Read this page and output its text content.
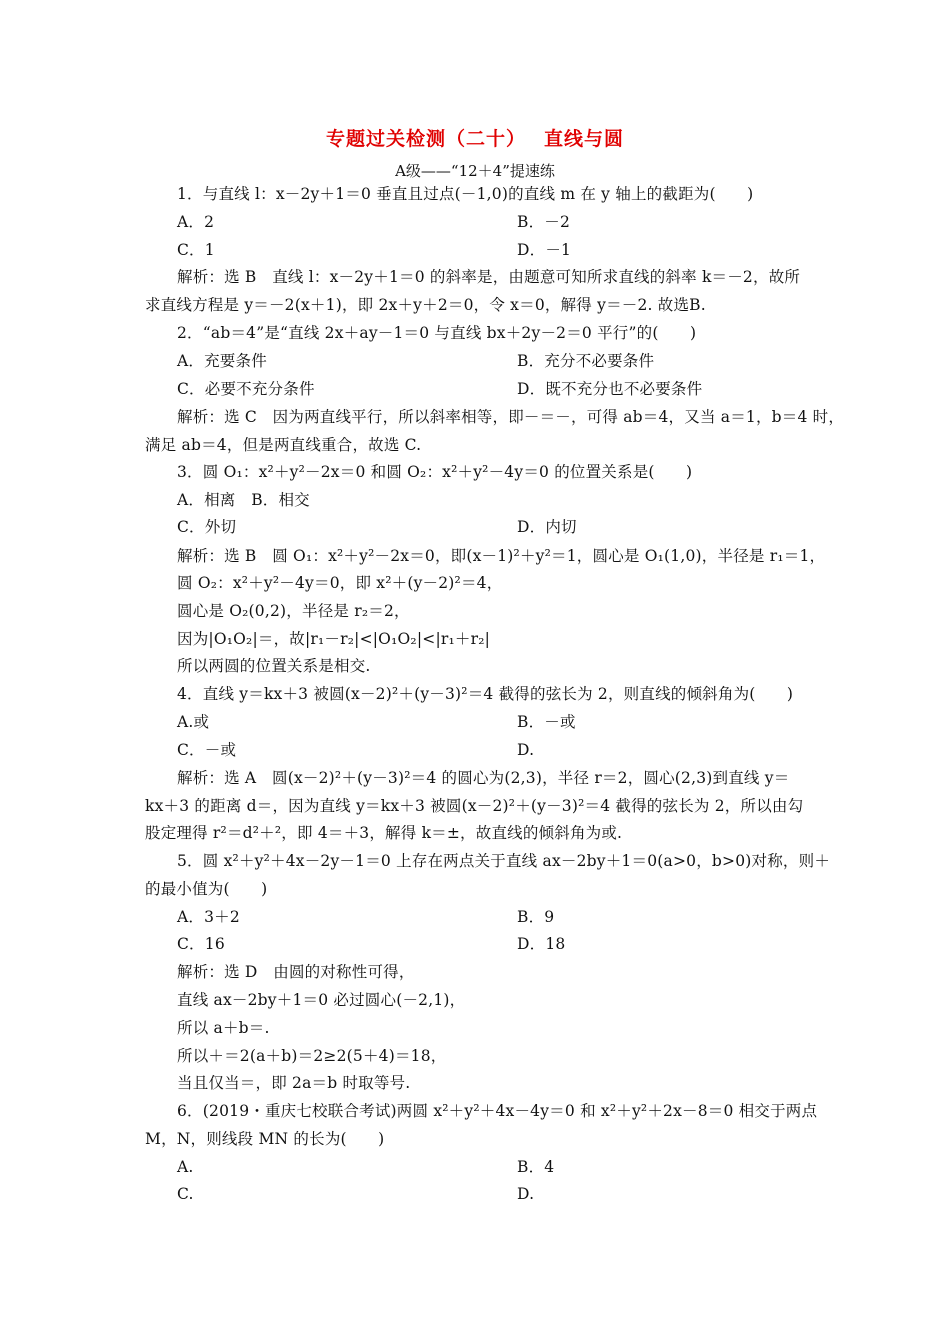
专题过关检测（二十）　 直线与圆
A级——“12＋4”提速练
1．与直线 l：x－2y＋1＝0 垂直且过点(－1,0)的直线 m 在 y 轴上的截距为(　　)
A．2	B．－2
C．1	D．－1
解析：选 B　直线 l：x－2y＋1＝0 的斜率是，由题意可知所求直线的斜率 k＝－2，故所
求直线方程是 y＝－2(x＋1)，即 2x＋y＋2＝0，令 x＝0，解得 y＝－2. 故选B.
2．“ab＝4”是“直线 2x＋ay－1＝0 与直线 bx＋2y－2＝0 平行”的(　　)
A．充要条件	B．充分不必要条件
C．必要不充分条件	D．既不充分也不必要条件
解析：选 C　因为两直线平行，所以斜率相等，即－＝－，可得 ab＝4，又当 a＝1，b＝4 时，
满足 ab＝4，但是两直线重合，故选 C.
3．圆 O₁：x²＋y²－2x＝0 和圆 O₂：x²＋y²－4y＝0 的位置关系是(　　)
A．相离　B．相交
C．外切	D．内切
解析：选 B　圆 O₁：x²＋y²－2x＝0，即(x－1)²＋y²＝1，圆心是 O₁(1,0)，半径是 r₁＝1，
圆 O₂：x²＋y²－4y＝0，即 x²＋(y－2)²＝4，
圆心是 O₂(0,2)，半径是 r₂＝2，
因为|O₁O₂|＝，故|r₁－r₂|<|O₁O₂|<|r₁＋r₂|
所以两圆的位置关系是相交.
4．直线 y＝kx＋3 被圆(x－2)²＋(y－3)²＝4 截得的弦长为 2，则直线的倾斜角为(　　)
A.或	B．－或
C．－或	D.
解析：选 A　圆(x－2)²＋(y－3)²＝4 的圆心为(2,3)，半径 r＝2，圆心(2,3)到直线 y＝
kx＋3 的距离 d＝，因为直线 y＝kx＋3 被圆(x－2)²＋(y－3)²＝4 截得的弦长为 2，所以由勾
股定理得 r²＝d²＋²，即 4＝＋3，解得 k＝±，故直线的倾斜角为或.
5．圆 x²＋y²＋4x－2y－1＝0 上存在两点关于直线 ax－2by＋1＝0(a>0，b>0)对称，则＋
的最小值为(　　)
A．3＋2	B．9
C．16	D．18
解析：选 D　由圆的对称性可得，
直线 ax－2by＋1＝0 必过圆心(－2,1)，
所以 a＋b＝.
所以＋＝2(a＋b)＝2≥2(5＋4)＝18，
当且仅当＝，即 2a＝b 时取等号.
6．(2019・重庆七校联合考试)两圆 x²＋y²＋4x－4y＝0 和 x²＋y²＋2x－8＝0 相交于两点
M，N，则线段 MN 的长为(　　)
A.	B．4
C.	D.
